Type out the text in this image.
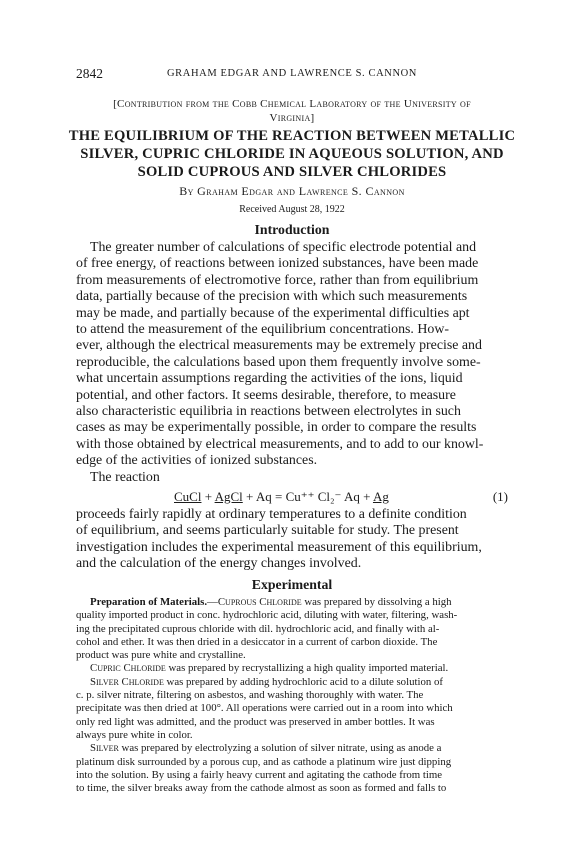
2842	GRAHAM EDGAR AND LAWRENCE S. CANNON
[Contribution from the Cobb Chemical Laboratory of the University of
Virginia]
THE EQUILIBRIUM OF THE REACTION BETWEEN METALLIC
SILVER, CUPRIC CHLORIDE IN AQUEOUS SOLUTION, AND
SOLID CUPROUS AND SILVER CHLORIDES
By Graham Edgar and Lawrence S. Cannon
Received August 28, 1922
Introduction
The greater number of calculations of specific electrode potential and
of free energy, of reactions between ionized substances, have been made
from measurements of electromotive force, rather than from equilibrium
data, partially because of the precision with which such measurements
may be made, and partially because of the experimental difficulties apt
to attend the measurement of the equilibrium concentrations. How-
ever, although the electrical measurements may be extremely precise and
reproducible, the calculations based upon them frequently involve some-
what uncertain assumptions regarding the activities of the ions, liquid
potential, and other factors. It seems desirable, therefore, to measure
also characteristic equilibria in reactions between electrolytes in such
cases as may be experimentally possible, in order to compare the results
with those obtained by electrical measurements, and to add to our knowl-
edge of the activities of ionized substances.
The reaction
CuCl + AgCl + Aq = Cu⁺⁺ Cl₂⁻ Aq + Ag	(1)
proceeds fairly rapidly at ordinary temperatures to a definite condition
of equilibrium, and seems particularly suitable for study. The present
investigation includes the experimental measurement of this equilibrium,
and the calculation of the energy changes involved.
Experimental
Preparation of Materials.—Cuprous Chloride was prepared by dissolving a high
quality imported product in conc. hydrochloric acid, diluting with water, filtering, wash-
ing the precipitated cuprous chloride with dil. hydrochloric acid, and finally with al-
cohol and ether. It was then dried in a desiccator in a current of carbon dioxide. The
product was pure white and crystalline.
Cupric Chloride was prepared by recrystallizing a high quality imported material.
Silver Chloride was prepared by adding hydrochloric acid to a dilute solution of
c. p. silver nitrate, filtering on asbestos, and washing thoroughly with water. The
precipitate was then dried at 100°. All operations were carried out in a room into which
only red light was admitted, and the product was preserved in amber bottles. It was
always pure white in color.
Silver was prepared by electrolyzing a solution of silver nitrate, using as anode a
platinum disk surrounded by a porous cup, and as cathode a platinum wire just dipping
into the solution. By using a fairly heavy current and agitating the cathode from time
to time, the silver breaks away from the cathode almost as soon as formed and falls to
